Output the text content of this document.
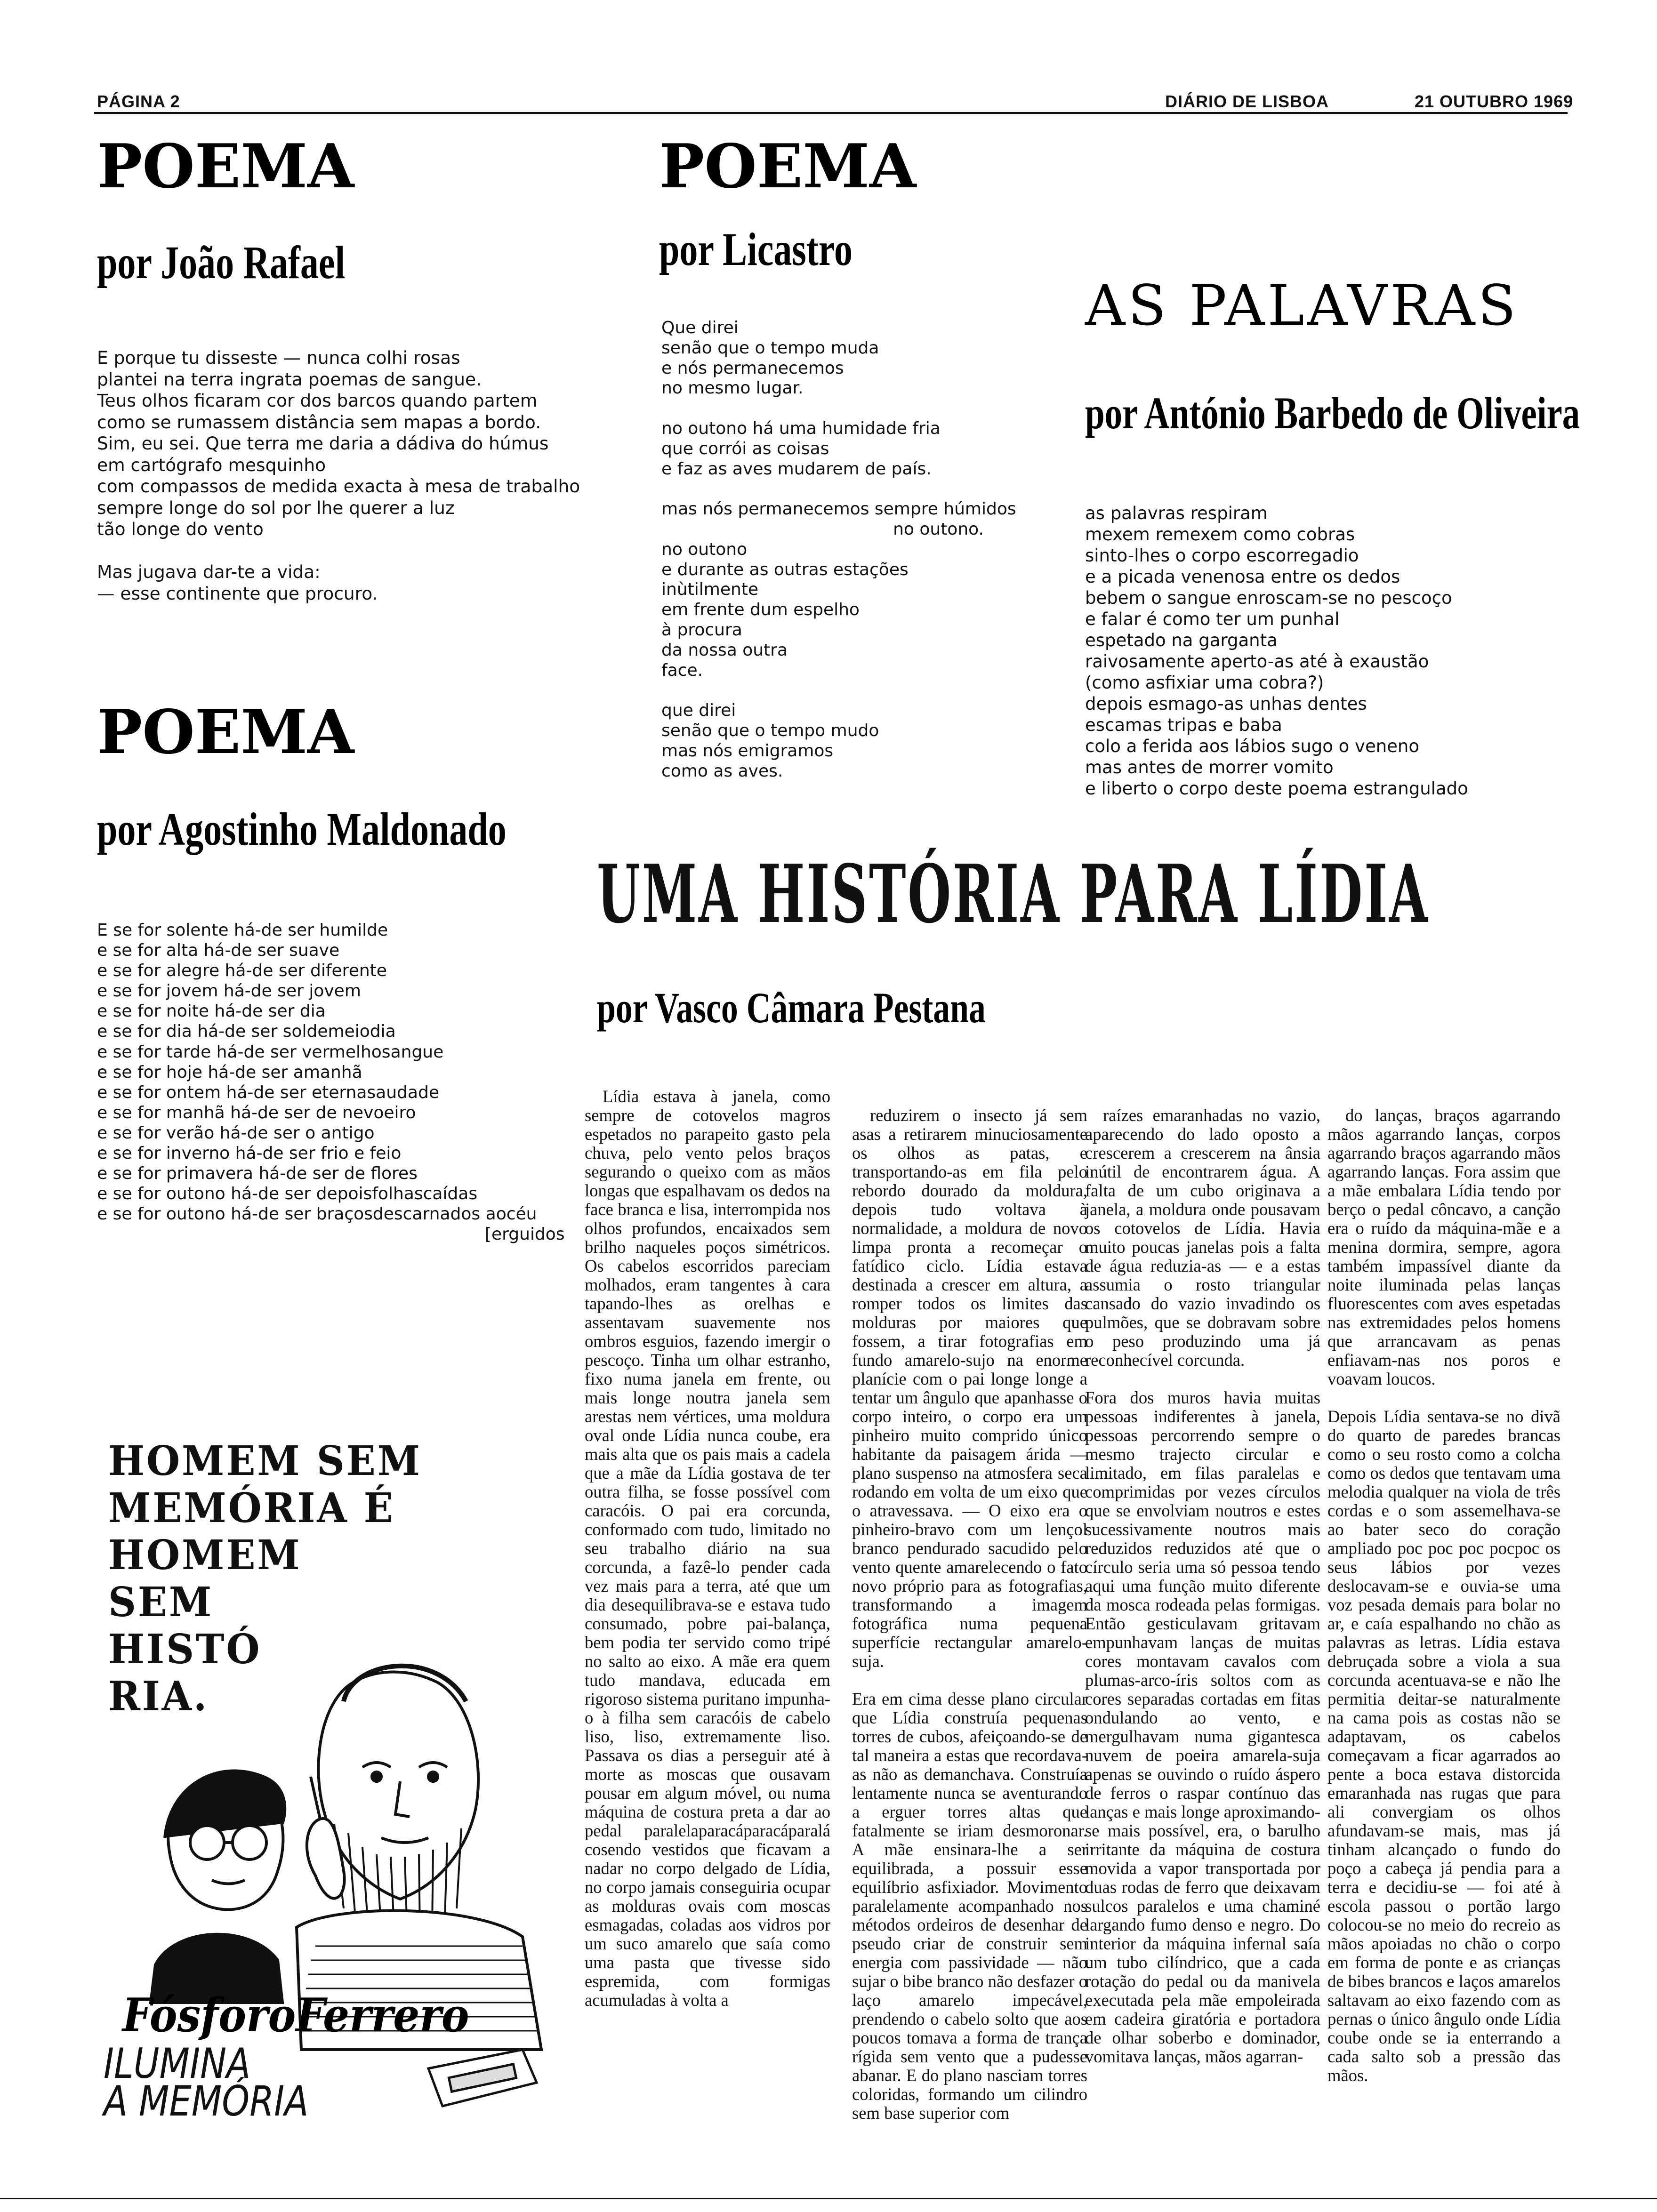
PÁGINA 2	DIÁRIO DE LISBOA	21 OUTUBRO 1969
POEMA
por João Rafael
E porque tu disseste — nunca colhi rosas
plantei na terra ingrata poemas de sangue.
Teus olhos ficaram cor dos barcos quando partem
como se rumassem distância sem mapas a bordo.
Sim, eu sei. Que terra me daria a dádiva do húmus
em cartógrafo mesquinho
com compassos de medida exacta à mesa de trabalho
sempre longe do sol por lhe querer a luz
tão longe do vento

Mas jugava dar-te a vida:
— esse continente que procuro.
POEMA
por Licastro
Que direi
senão que o tempo muda
e nós permanecemos
no mesmo lugar.

no outono há uma humidade fria
que corrói as coisas
e faz as aves mudarem de país.

mas nós permanecemos sempre húmidos
no outono.
no outono
e durante as outras estações
inùtilmente
em frente dum espelho
à procura
da nossa outra
face.

que direi
senão que o tempo mudo
mas nós emigramos
como as aves.
AS PALAVRAS
por António Barbedo de Oliveira
as palavras respiram
mexem remexem como cobras
sinto-lhes o corpo escorregadio
e a picada venenosa entre os dedos
bebem o sangue enroscam-se no pescoço
e falar é como ter um punhal
espetado na garganta
raivosamente aperto-as até à exaustão
(como asfixiar uma cobra?)
depois esmago-as unhas dentes
escamas tripas e baba
colo a ferida aos lábios sugo o veneno
mas antes de morrer vomito
e liberto o corpo deste poema estrangulado
POEMA
por Agostinho Maldonado
E se for solente há-de ser humilde
e se for alta há-de ser suave
e se for alegre há-de ser diferente
e se for jovem há-de ser jovem
e se for noite há-de ser dia
e se for dia há-de ser soldemeiodia
e se for tarde há-de ser vermelhosangue
e se for hoje há-de ser amanhã
e se for ontem há-de ser eternasaudade
e se for manhã há-de ser de nevoeiro
e se for verão há-de ser o antigo
e se for inverno há-de ser frio e feio
e se for primavera há-de ser de flores
e se for outono há-de ser depoisfolhascaídas
e se for outono há-de ser braçosdescarnados aocéu
[erguidos
UMA HISTÓRIA PARA LÍDIA
por Vasco Câmara Pestana

Lídia estava à janela, como sempre de cotovelos magros espetados no parapeito gasto pela chuva, pelo vento pelos braços segurando o queixo com as mãos longas que espalhavam os dedos na face branca e lisa, interrompida nos olhos profundos, encaixados sem brilho naqueles poços simétricos. Os cabelos escorridos pareciam molhados, eram tangentes à cara tapando-lhes as orelhas e assentavam suavemente nos ombros esguios, fazendo imergir o pescoço. Tinha um olhar estranho, fixo numa janela em frente, ou mais longe noutra janela sem arestas nem vértices, uma moldura oval onde Lídia nunca coube, era mais alta que os pais mais a cadela que a mãe da Lídia gostava de ter outra filha, se fosse possível com caracóis. O pai era corcunda, conformado com tudo, limitado no seu trabalho diário na sua corcunda, a fazê-lo pender cada vez mais para a terra, até que um dia desequilibrava-se e estava tudo consumado, pobre pai-balança, bem podia ter servido como tripé no salto ao eixo. A mãe era quem tudo mandava, educada em rigoroso sistema puritano impunha-o à filha sem caracóis de cabelo liso, liso, extremamente liso. Passava os dias a perseguir até à morte as moscas que ousavam pousar em algum móvel, ou numa máquina de costura preta a dar ao pedal paralelaparacáparacáparalá cosendo vestidos que ficavam a nadar no corpo delgado de Lídia, no corpo jamais conseguiria ocupar as molduras ovais com moscas esmagadas, coladas aos vidros por um suco amarelo que saía como uma pasta que tivesse sido espremida, com formigas acumuladas à volta a

reduzirem o insecto já sem asas a retirarem minuciosamente os olhos as patas, e transportando-as em fila pelo rebordo dourado da moldura, depois tudo voltava à normalidade, a moldura de novo limpa pronta a recomeçar o fatídico ciclo. Lídia estava destinada a crescer em altura, a romper todos os limites das molduras por maiores que fossem, a tirar fotografias em fundo amarelo-sujo na enorme planície com o pai longe longe a tentar um ângulo que apanhasse o corpo inteiro, o corpo era um pinheiro muito comprido único habitante da paisagem árida — plano suspenso na atmosfera seca rodando em volta de um eixo que o atravessava. — O eixo era o pinheiro-bravo com um lençol branco pendurado sacudido pelo vento quente amarelecendo o fato novo próprio para as fotografias, transformando a imagem fotográfica numa pequena superfície rectangular amarelo-suja.

Era em cima desse plano circular que Lídia construía pequenas torres de cubos, afeiçoando-se de tal maneira a estas que recordava-as não as demanchava. Construía lentamente nunca se aventurando a erguer torres altas que fatalmente se iriam desmoronar. A mãe ensinara-lhe a ser equilibrada, a possuir esse equilíbrio asfixiador. Movimento paralelamente acompanhado nos métodos ordeiros de desenhar de pseudo criar de construir sem energia com passividade — não sujar o bibe branco não desfazer o laço amarelo impecável, prendendo o cabelo solto que aos poucos tomava a forma de trança rígida sem vento que a pudesse abanar. E do plano nasciam torres coloridas, formando um cilindro sem base superior com

raízes emaranhadas no vazio, aparecendo do lado oposto a crescerem a crescerem na ânsia inútil de encontrarem água. A falta de um cubo originava a janela, a moldura onde pousavam os cotovelos de Lídia. Havia muito poucas janelas pois a falta de água reduzia-as — e a estas assumia o rosto triangular cansado do vazio invadindo os pulmões, que se dobravam sobre o peso produzindo uma já reconhecível corcunda.

Fora dos muros havia muitas pessoas indiferentes à janela, pessoas percorrendo sempre o mesmo trajecto circular e limitado, em filas paralelas e comprimidas por vezes círculos que se envolviam noutros e estes sucessivamente noutros mais reduzidos reduzidos até que o círculo seria uma só pessoa tendo aqui uma função muito diferente da mosca rodeada pelas formigas. Então gesticulavam gritavam empunhavam lanças de muitas cores montavam cavalos com plumas-arco-íris soltos com as cores separadas cortadas em fitas ondulando ao vento, e mergulhavam numa gigantesca nuvem de poeira amarela-suja apenas se ouvindo o ruído áspero de ferros o raspar contínuo das lanças e mais longe aproximando-se mais possível, era, o barulho irritante da máquina de costura movida a vapor transportada por duas rodas de ferro que deixavam sulcos paralelos e uma chaminé largando fumo denso e negro. Do interior da máquina infernal saía um tubo cilíndrico, que a cada rotação do pedal ou da manivela executada pela mãe empoleirada em cadeira giratória e portadora de olhar soberbo e dominador, vomitava lanças, mãos agarran-

do lanças, braços agarrando mãos agarrando lanças, corpos agarrando braços agarrando mãos agarrando lanças. Fora assim que a mãe embalara Lídia tendo por berço o pedal côncavo, a canção era o ruído da máquina-mãe e a menina dormira, sempre, agora também impassível diante da noite iluminada pelas lanças fluorescentes com aves espetadas nas extremidades pelos homens que arrancavam as penas enfiavam-nas nos poros e voavam loucos.

Depois Lídia sentava-se no divã do quarto de paredes brancas como o seu rosto como a colcha como os dedos que tentavam uma melodia qualquer na viola de três cordas e o som assemelhava-se ao bater seco do coração ampliado poc poc poc pocpoc os seus lábios por vezes deslocavam-se e ouvia-se uma voz pesada demais para bolar no ar, e caía espalhando no chão as palavras as letras. Lídia estava debruçada sobre a viola a sua corcunda acentuava-se e não lhe permitia deitar-se naturalmente na cama pois as costas não se adaptavam, os cabelos começavam a ficar agarrados ao pente a boca estava distorcida emaranhada nas rugas que para ali convergiam os olhos afundavam-se mais, mas já tinham alcançado o fundo do poço a cabeça já pendia para a terra e decidiu-se — foi até à escola passou o portão largo colocou-se no meio do recreio as mãos apoiadas no chão o corpo em forma de ponte e as crianças de bibes brancos e laços amarelos saltavam ao eixo fazendo com as pernas o único ângulo onde Lídia coube onde se ia enterrando a cada salto sob a pressão das mãos.

HOMEM SEM
MEMÓRIA É
HOMEM
SEM
HISTÓ
RIA.
FósforoFerrero
ILUMINA
A MEMÓRIA
